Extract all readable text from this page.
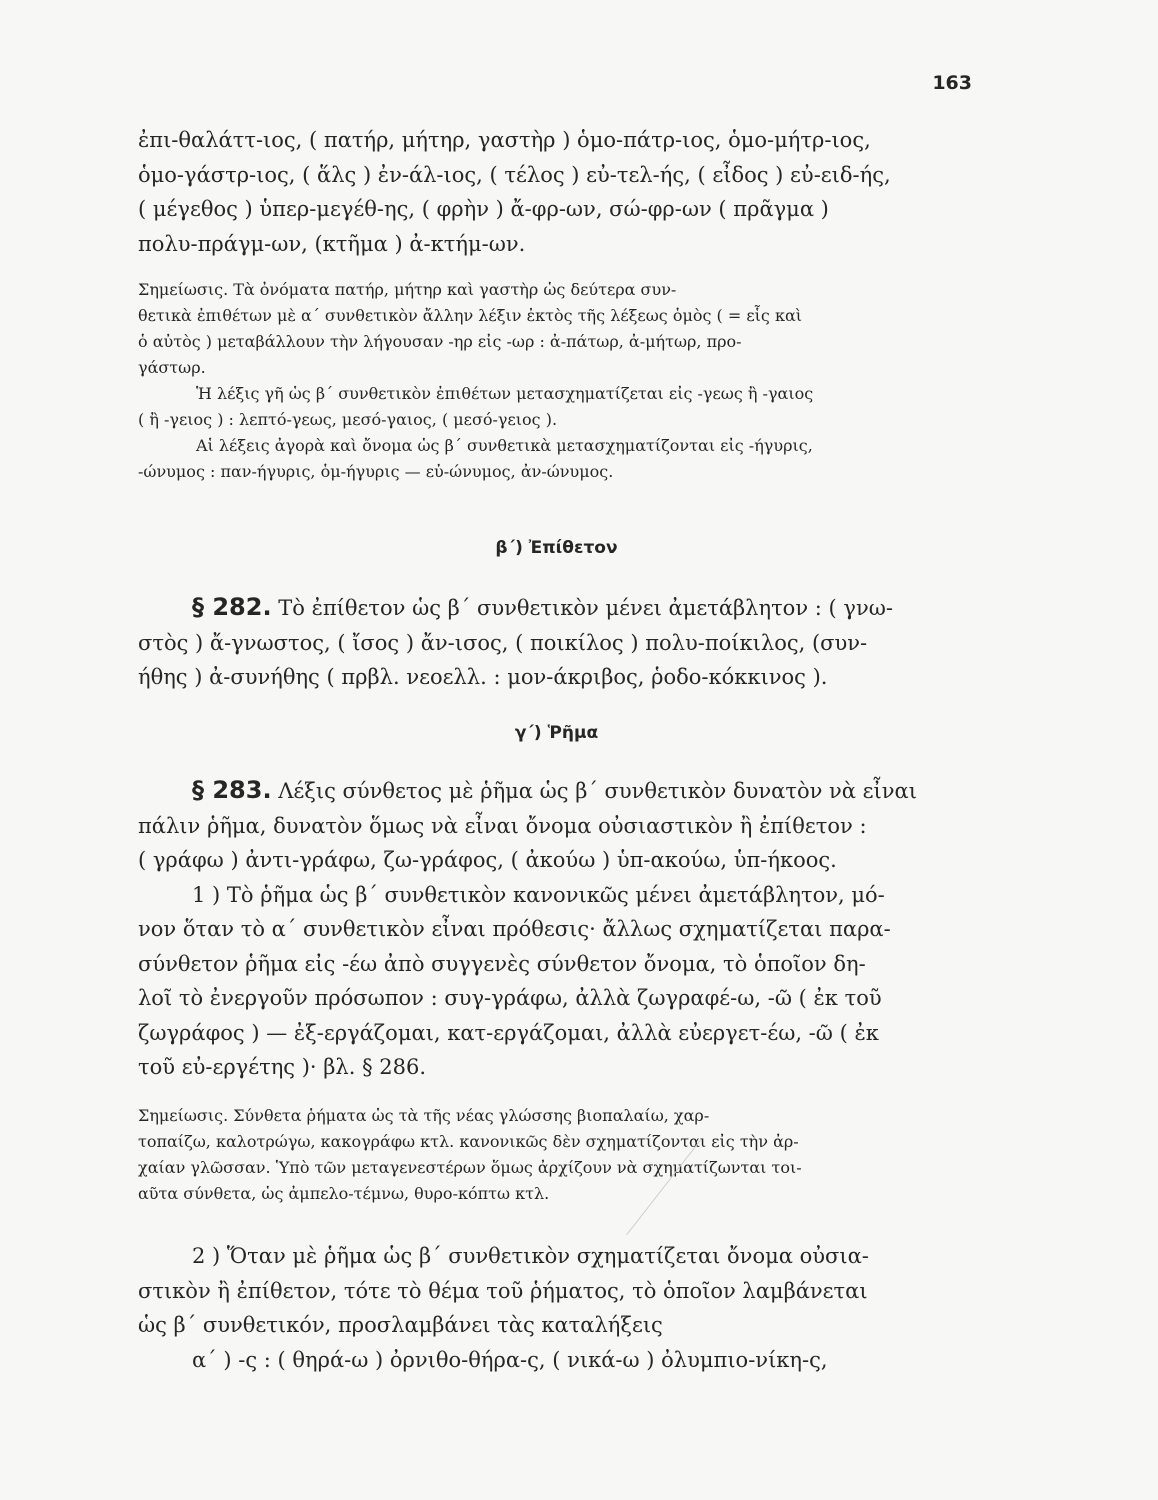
163
ἐπι-θαλάττ-ιος, ( πατήρ, μήτηρ, γαστὴρ ) ὁμο-πάτρ-ιος, ὁμο-μήτρ-ιος,
ὁμο-γάστρ-ιος, ( ἅλς ) ἐν-άλ-ιος, ( τέλος ) εὐ-τελ-ής, ( εἶδος ) εὐ-ειδ-ής,
( μέγεθος ) ὑπερ-μεγέθ-ης, ( φρὴν ) ἄ-φρ-ων, σώ-φρ-ων ( πρᾶγμα )
πολυ-πράγμ-ων, (κτῆμα ) ἀ-κτήμ-ων.
Σημείωσις. Τὰ ὀνόματα πατήρ, μήτηρ καὶ γαστὴρ ὡς δεύτερα συν-
θετικὰ ἐπιθέτων μὲ α΄ συνθετικὸν ἄλλην λέξιν ἐκτὸς τῆς λέξεως ὁμὸς ( = εἷς καὶ
ὁ αὐτὸς ) μεταβάλλουν τὴν λήγουσαν -ηρ εἰς -ωρ : ἀ-πάτωρ, ἀ-μήτωρ, προ-
γάστωρ.
Ἡ λέξις γῆ ὡς β΄ συνθετικὸν ἐπιθέτων μετασχηματίζεται εἰς -γεως ἢ -γαιος
( ἢ -γειος ) : λεπτό-γεως, μεσό-γαιος, ( μεσό-γειος ).
Αἱ λέξεις ἀγορὰ καὶ ὄνομα ὡς β΄ συνθετικὰ μετασχηματίζονται εἰς -ήγυρις,
-ώνυμος : παν-ήγυρις, ὁμ-ήγυρις — εὐ-ώνυμος, ἀν-ώνυμος.
β΄) Ἐπίθετον
§ 282. Τὸ ἐπίθετον ὡς β΄ συνθετικὸν μένει ἀμετάβλητον : ( γνω-
στὸς ) ἄ-γνωστος, ( ἴσος ) ἄν-ισος, ( ποικίλος ) πολυ-ποίκιλος, (συν-
ήθης ) ἀ-συνήθης ( πρβλ. νεοελλ. : μον-άκριβος, ῥοδο-κόκκινος ).
γ΄) Ῥῆμα
§ 283. Λέξις σύνθετος μὲ ῥῆμα ὡς β΄ συνθετικὸν δυνατὸν νὰ εἶναι
πάλιν ῥῆμα, δυνατὸν ὅμως νὰ εἶναι ὄνομα οὐσιαστικὸν ἢ ἐπίθετον :
( γράφω ) ἀντι-γράφω, ζω-γράφος, ( ἀκούω ) ὑπ-ακούω, ὑπ-ήκοος.
1 ) Τὸ ῥῆμα ὡς β΄ συνθετικὸν κανονικῶς μένει ἀμετάβλητον, μό-
νον ὅταν τὸ α΄ συνθετικὸν εἶναι πρόθεσις· ἄλλως σχηματίζεται παρα-
σύνθετον ῥῆμα εἰς -έω ἀπὸ συγγενὲς σύνθετον ὄνομα, τὸ ὁποῖον δη-
λοῖ τὸ ἐνεργοῦν πρόσωπον : συγ-γράφω, ἀλλὰ ζωγραφέ-ω, -ῶ ( ἐκ τοῦ
ζωγράφος ) — ἐξ-εργάζομαι, κατ-εργάζομαι, ἀλλὰ εὐεργετ-έω, -ῶ ( ἐκ
τοῦ εὐ-εργέτης )· βλ. § 286.
Σημείωσις. Σύνθετα ῥήματα ὡς τὰ τῆς νέας γλώσσης βιοπαλαίω, χαρ-
τοπαίζω, καλοτρώγω, κακογράφω κτλ. κανονικῶς δὲν σχηματίζονται εἰς τὴν ἀρ-
χαίαν γλῶσσαν. Ὑπὸ τῶν μεταγενεστέρων ὅμως ἀρχίζουν νὰ σχηματίζωνται τοι-
αῦτα σύνθετα, ὡς ἀμπελο-τέμνω, θυρο-κόπτω κτλ.
2 ) Ὅταν μὲ ῥῆμα ὡς β΄ συνθετικὸν σχηματίζεται ὄνομα οὐσια-
στικὸν ἢ ἐπίθετον, τότε τὸ θέμα τοῦ ῥήματος, τὸ ὁποῖον λαμβάνεται
ὡς β΄ συνθετικόν, προσλαμβάνει τὰς καταλήξεις
α΄ ) -ς : ( θηρά-ω ) ὀρνιθο-θήρα-ς, ( νικά-ω ) ὀλυμπιο-νίκη-ς,
